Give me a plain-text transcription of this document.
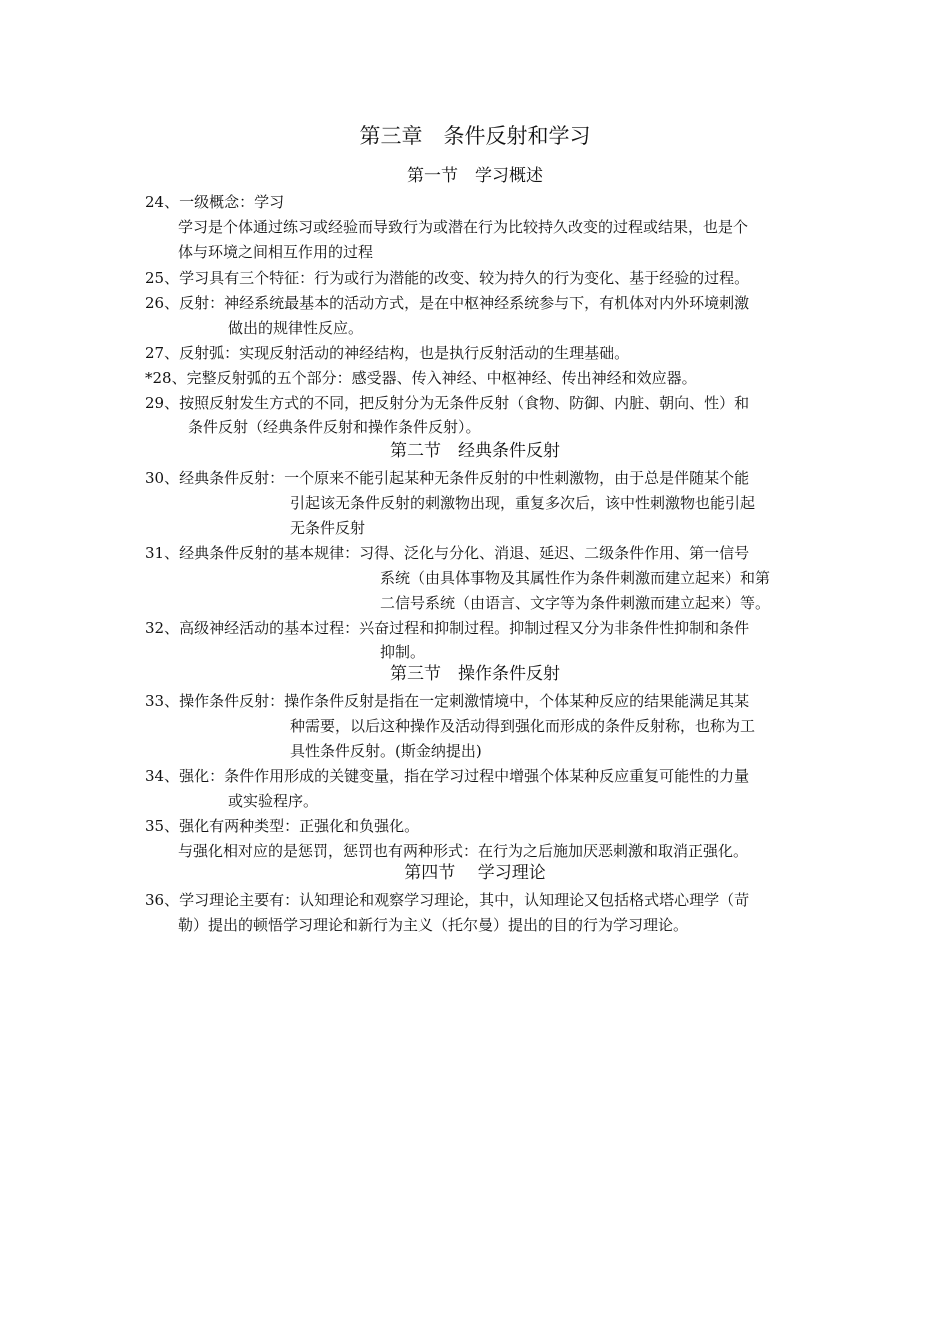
第三章　条件反射和学习
第一节　学习概述
24、一级概念：学习
学习是个体通过练习或经验而导致行为或潜在行为比较持久改变的过程或结果，也是个
体与环境之间相互作用的过程
25、学习具有三个特征：行为或行为潜能的改变、较为持久的行为变化、基于经验的过程。
26、反射：神经系统最基本的活动方式，是在中枢神经系统参与下，有机体对内外环境刺激
做出的规律性反应。
27、反射弧：实现反射活动的神经结构，也是执行反射活动的生理基础。
*28、完整反射弧的五个部分：感受器、传入神经、中枢神经、传出神经和效应器。
29、按照反射发生方式的不同，把反射分为无条件反射（食物、防御、内脏、朝向、性）和
条件反射（经典条件反射和操作条件反射）。
第二节　经典条件反射
30、经典条件反射：一个原来不能引起某种无条件反射的中性刺激物，由于总是伴随某个能
引起该无条件反射的刺激物出现，重复多次后，该中性刺激物也能引起
无条件反射
31、经典条件反射的基本规律：习得、泛化与分化、消退、延迟、二级条件作用、第一信号
系统（由具体事物及其属性作为条件刺激而建立起来）和第
二信号系统（由语言、文字等为条件刺激而建立起来）等。
32、高级神经活动的基本过程：兴奋过程和抑制过程。抑制过程又分为非条件性抑制和条件
抑制。
第三节　操作条件反射
33、操作条件反射：操作条件反射是指在一定刺激情境中，个体某种反应的结果能满足其某
种需要，以后这种操作及活动得到强化而形成的条件反射称，也称为工
具性条件反射。(斯金纳提出)
34、强化：条件作用形成的关键变量，指在学习过程中增强个体某种反应重复可能性的力量
或实验程序。
35、强化有两种类型：正强化和负强化。
与强化相对应的是惩罚，惩罚也有两种形式：在行为之后施加厌恶刺激和取消正强化。
第四节　 学习理论
36、学习理论主要有：认知理论和观察学习理论，其中，认知理论又包括格式塔心理学（苛
勒）提出的顿悟学习理论和新行为主义（托尔曼）提出的目的行为学习理论。
